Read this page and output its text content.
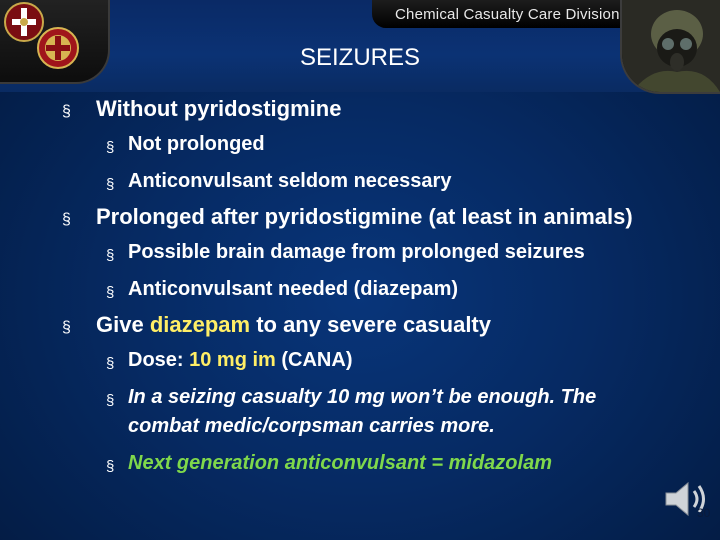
Chemical Casualty Care Division
SEIZURES
§ Without pyridostigmine
§ Not prolonged
§ Anticonvulsant seldom necessary
§ Prolonged after pyridostigmine (at least in animals)
§ Possible brain damage from prolonged seizures
§ Anticonvulsant needed (diazepam)
§ Give diazepam to any severe casualty
§ Dose: 10 mg im (CANA)
§ In a seizing casualty 10 mg won’t be enough. The combat medic/corpsman carries more.
§ Next generation anticonvulsant = midazolam
30
